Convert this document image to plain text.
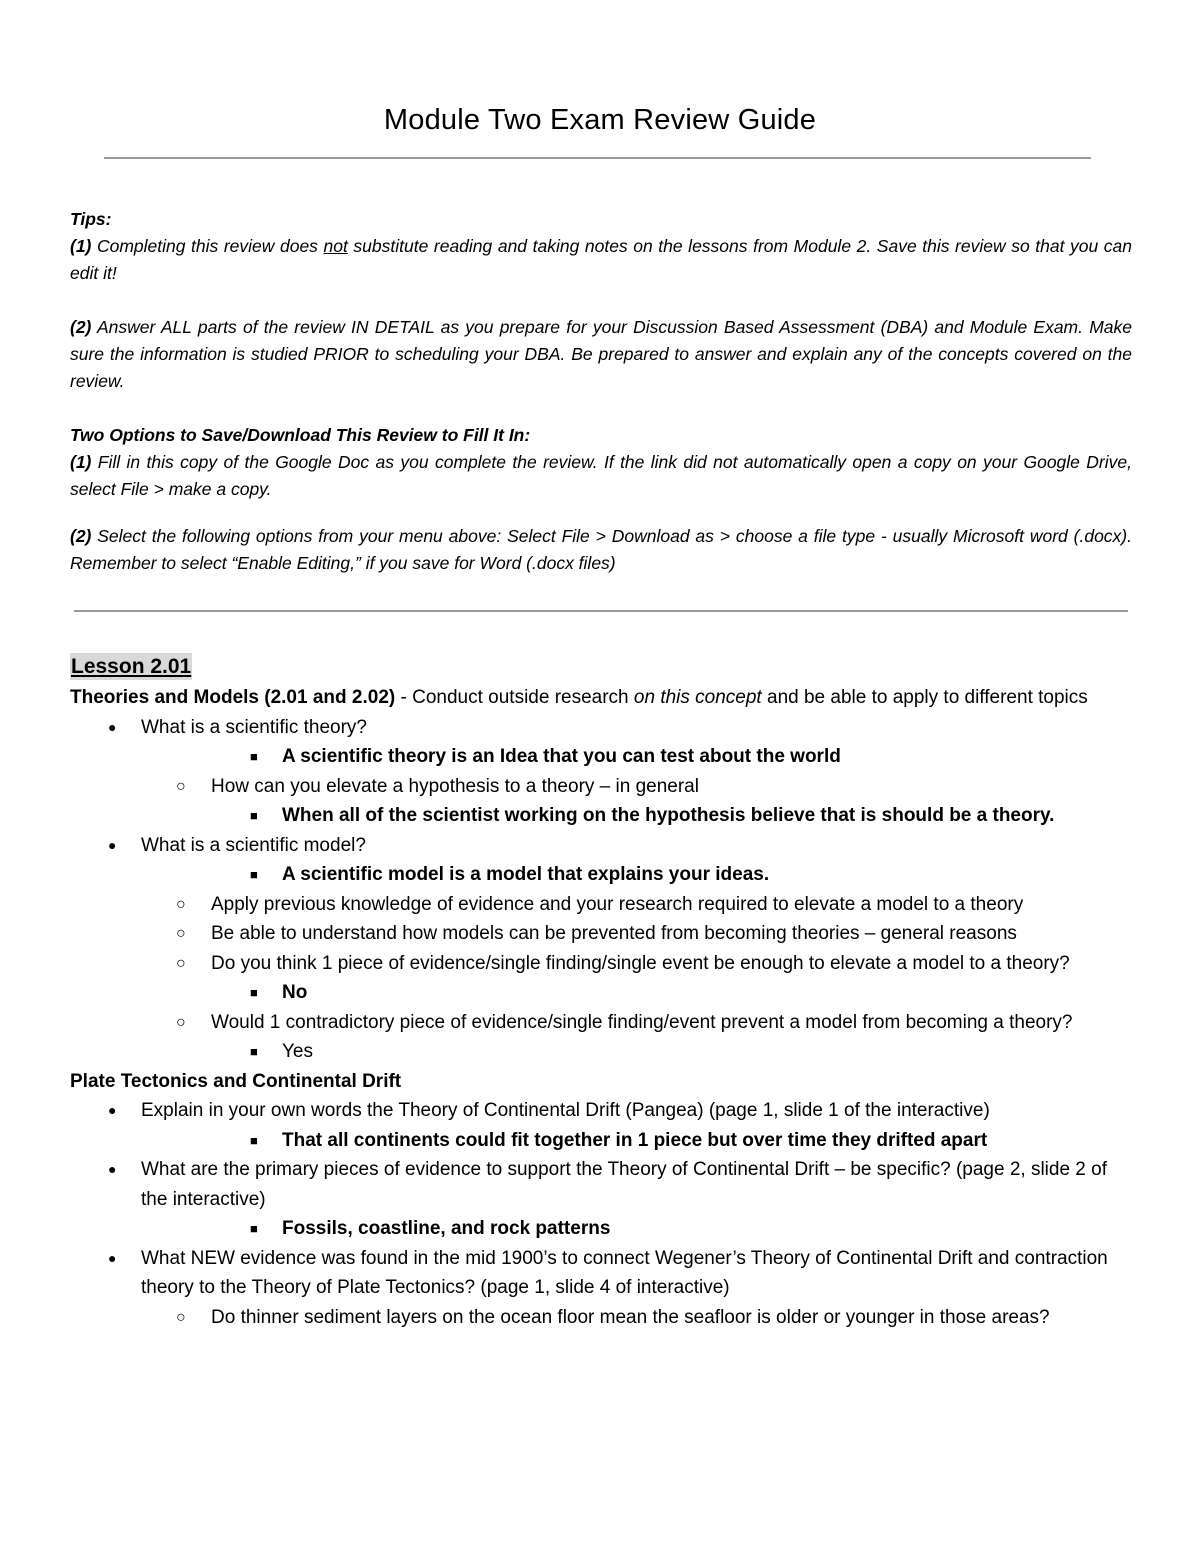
Module Two Exam Review Guide

Tips:

(1) Completing this review does not substitute reading and taking notes on the lessons from Module 2. Save this review so that you can edit it!

(2) Answer ALL parts of the review IN DETAIL as you prepare for your Discussion Based Assessment (DBA) and Module Exam. Make sure the information is studied PRIOR to scheduling your DBA. Be prepared to answer and explain any of the concepts covered on the review.

Two Options to Save/Download This Review to Fill It In:

(1) Fill in this copy of the Google Doc as you complete the review. If the link did not automatically open a copy on your Google Drive, select File > make a copy.

(2) Select the following options from your menu above: Select File > Download as > choose a file type - usually Microsoft word (.docx). Remember to select “Enable Editing,” if you save for Word (.docx files)

Lesson 2.01
Theories and Models (2.01 and 2.02) - Conduct outside research on this concept and be able to apply to different topics
● What is a scientific theory?
■ A scientific theory is an Idea that you can test about the world
○ How can you elevate a hypothesis to a theory – in general
■ When all of the scientist working on the hypothesis believe that is should be a theory.
● What is a scientific model?
■ A scientific model is a model that explains your ideas.
○ Apply previous knowledge of evidence and your research required to elevate a model to a theory
○ Be able to understand how models can be prevented from becoming theories – general reasons
○ Do you think 1 piece of evidence/single finding/single event be enough to elevate a model to a theory?
■ No
○ Would 1 contradictory piece of evidence/single finding/event prevent a model from becoming a theory?
■ Yes
Plate Tectonics and Continental Drift
● Explain in your own words the Theory of Continental Drift (Pangea) (page 1, slide 1 of the interactive)
■ That all continents could fit together in 1 piece but over time they drifted apart
● What are the primary pieces of evidence to support the Theory of Continental Drift – be specific? (page 2, slide 2 of the interactive)
■ Fossils, coastline, and rock patterns
● What NEW evidence was found in the mid 1900’s to connect Wegener’s Theory of Continental Drift and contraction theory to the Theory of Plate Tectonics? (page 1, slide 4 of interactive)
○ Do thinner sediment layers on the ocean floor mean the seafloor is older or younger in those areas?
